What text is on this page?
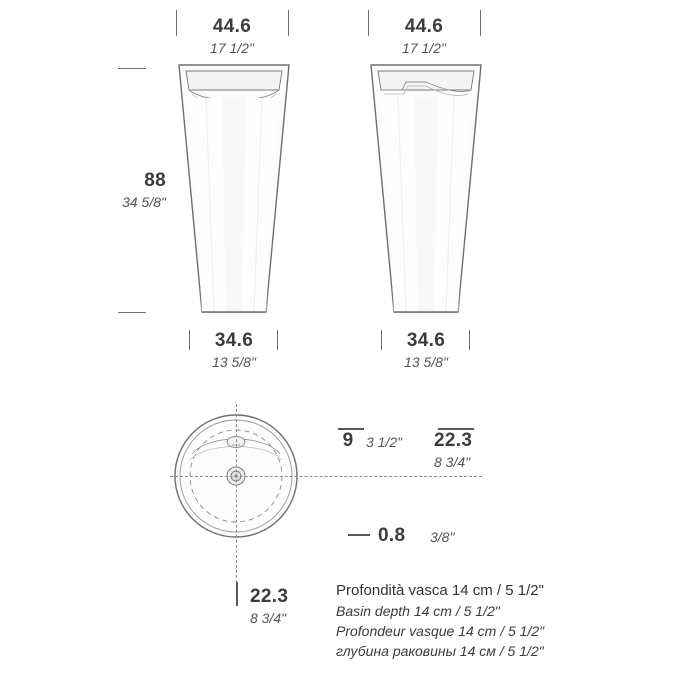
44.6
17 1/2"
88
34 5/8"
34.6
13 5/8"
44.6
17 1/2"
34.6
13 5/8"
9 3 1/2" 22.3
8 3/4"
0.8 3/8"
22.3
8 3/4"
Profondità vasca 14 cm / 5 1/2"
Basin depth 14 cm / 5 1/2"
Profondeur vasque 14 cm / 5 1/2"
глубина раковины 14 см / 5 1/2"
